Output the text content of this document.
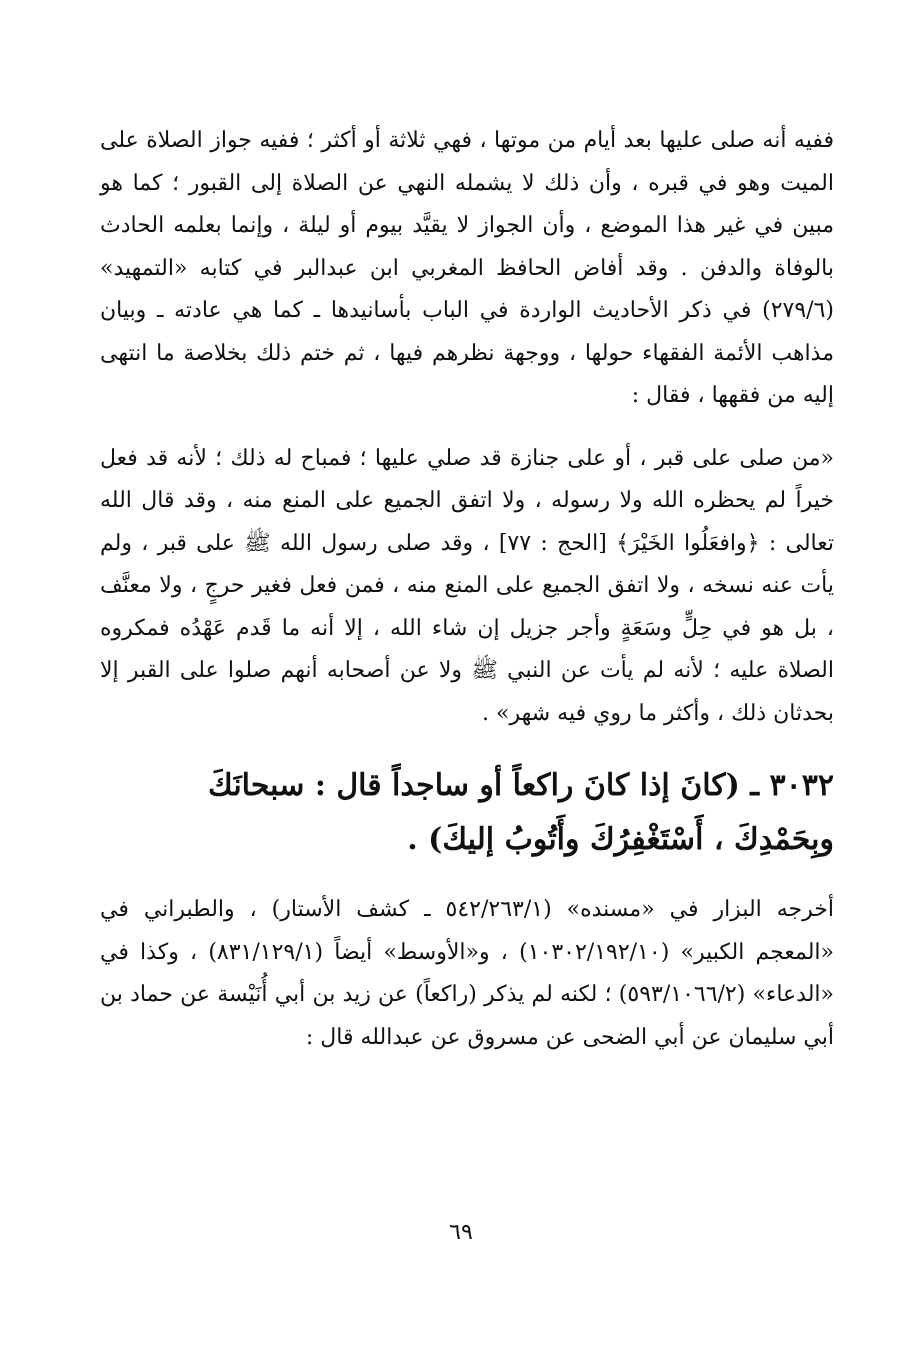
ففيه أنه صلى عليها بعد أيام من موتها ، فهي ثلاثة أو أكثر ؛ ففيه جواز الصلاة على الميت وهو في قبره ، وأن ذلك لا يشمله النهي عن الصلاة إلى القبور ؛ كما هو مبين في غير هذا الموضع ، وأن الجواز لا يقيَّد بيوم أو ليلة ، وإنما بعلمه الحادث بالوفاة والدفن . وقد أفاض الحافظ المغربي ابن عبدالبر في كتابه «التمهيد» (٢٧٩/٦) في ذكر الأحاديث الواردة في الباب بأسانيدها ـ كما هي عادته ـ وبيان مذاهب الأئمة الفقهاء حولها ، ووجهة نظرهم فيها ، ثم ختم ذلك بخلاصة ما انتهى إليه من فقهها ، فقال :

«من صلى على قبر ، أو على جنازة قد صلي عليها ؛ فمباح له ذلك ؛ لأنه قد فعل خيراً لم يحظره الله ولا رسوله ، ولا اتفق الجميع على المنع منه ، وقد قال الله تعالى : ﴿وافعَلُوا الخَيْرَ﴾ [الحج : ٧٧] ، وقد صلى رسول الله ﷺ على قبر ، ولم يأت عنه نسخه ، ولا اتفق الجميع على المنع منه ، فمن فعل فغير حرجٍ ، ولا معنَّف ، بل هو في حِلٍّ وسَعَةٍ وأجر جزيل إن شاء الله ، إلا أنه ما قَدم عَهْدُه فمكروه الصلاة عليه ؛ لأنه لم يأت عن النبي ﷺ ولا عن أصحابه أنهم صلوا على القبر إلا بحدثان ذلك ، وأكثر ما روي فيه شهر» .

٣٠٣٢ ـ (كانَ إذا كانَ راكعاً أو ساجداً قال : سبحانَكَ وبِحَمْدِكَ ، أَسْتَغْفِرُكَ وأَتُوبُ إليكَ) .

أخرجه البزار في «مسنده» (٥٤٢/٢٦٣/١ ـ كشف الأستار) ، والطبراني في «المعجم الكبير» (١٠٣٠٢/١٩٢/١٠) ، و«الأوسط» أيضاً (٨٣١/١٢٩/١) ، وكذا في «الدعاء» (٥٩٣/١٠٦٦/٢) ؛ لكنه لم يذكر (راكعاً) عن زيد بن أبي أُنَيْسة عن حماد بن أبي سليمان عن أبي الضحى عن مسروق عن عبدالله قال :

٦٩
